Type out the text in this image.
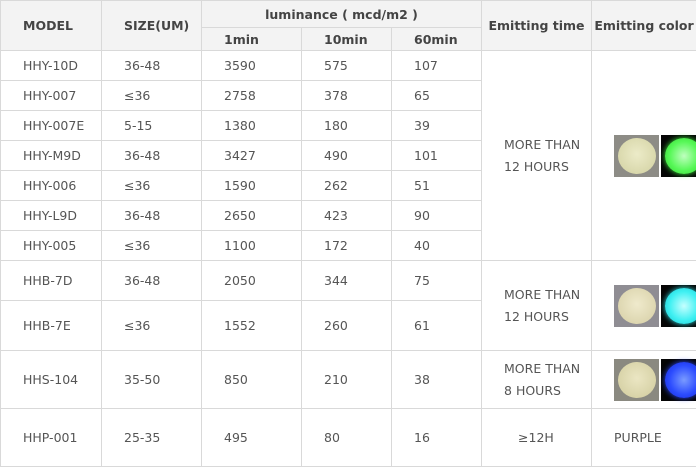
MODEL	SIZE(UM)	luminance ( mcd/m2 )			Emitting time	Emitting color
		1min	10min	60min		
HHY-10D	36-48	3590	575	107	MORE THAN
12 HOURS	

HHY-007	≤36	2758	378	65		
HHY-007E	5-15	1380	180	39		
HHY-M9D	36-48	3427	490	101		
HHY-006	≤36	1590	262	51		
HHY-L9D	36-48	2650	423	90		
HHY-005	≤36	1100	172	40		
HHB-7D	36-48	2050	344	75	MORE THAN
12 HOURS	

HHB-7E	≤36	1552	260	61		
HHS-104	35-50	850	210	38	MORE THAN
8 HOURS	

HHP-001	25-35	495	80	16	≥12H	PURPLE
